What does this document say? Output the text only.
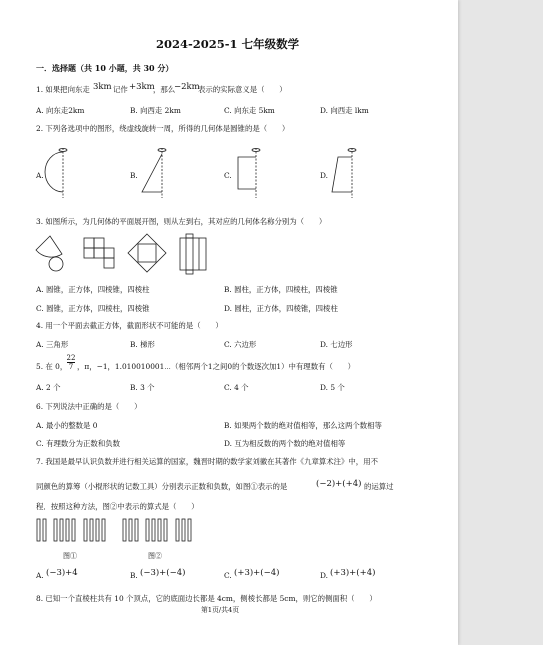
2024-2025-1 七年级数学
一．选择题（共 10 小题，共 30 分）
1. 如果把向东走 3km 记作 +3km
，那么
−2km
表示的实际意义是（　　）
A. 向东走2km	B. 向西走 2km	C. 向东走 5km	D. 向西走 lkm
2. 下列各选项中的图形，绕虚线旋转一周，所得的几何体是圆锥的是（　　）
A.	B.	C.	D.
3. 如图所示，为几何体的平面展开图，则从左到右，其对应的几何体名称分别为（　　）
A. 圆锥，正方体，四棱锥，四棱柱	B. 圆柱，正方体，四棱柱，四棱锥
C. 圆锥，正方体，四棱柱，四棱锥	D. 圆柱，正方体，四棱锥，四棱柱
4. 用一个平面去截正方体，截面形状不可能的是（　　）
A. 三角形	B. 梯形	C. 六边形	D. 七边形
5. 在 0，
22
7 ，π，−1，1.010010001⋯（相邻两个1之间0的个数逐次加1）中有理数有（　　）
A. 2 个	B. 3 个	C. 4 个	D. 5 个
6. 下列说法中正确的是（　　）
A. 最小的整数是 0	B. 如果两个数的绝对值相等，那么这两个数相等
C. 有理数分为正数和负数	D. 互为相反数的两个数的绝对值相等
7. 我国是最早认识负数并进行相关运算的国家，魏晋时期的数学家刘徽在其著作《九章算术注》中，用不
同颜色的算筹（小棍形状的记数工具）分别表示正数和负数，如图①表示的是	(−2)+(+4) 的运算过
程．按照这种方法，图②中表示的算式是（　　）
图①	图②
A. (−3)+4	B. (−3)+(−4)	C. (+3)+(−4)	D. (+3)+(+4)
8. 已知一个直棱柱共有 10 个顶点，它的底面边长都是 4cm，侧棱长都是 5cm，则它的侧面积（　　）
第1页/共4页
